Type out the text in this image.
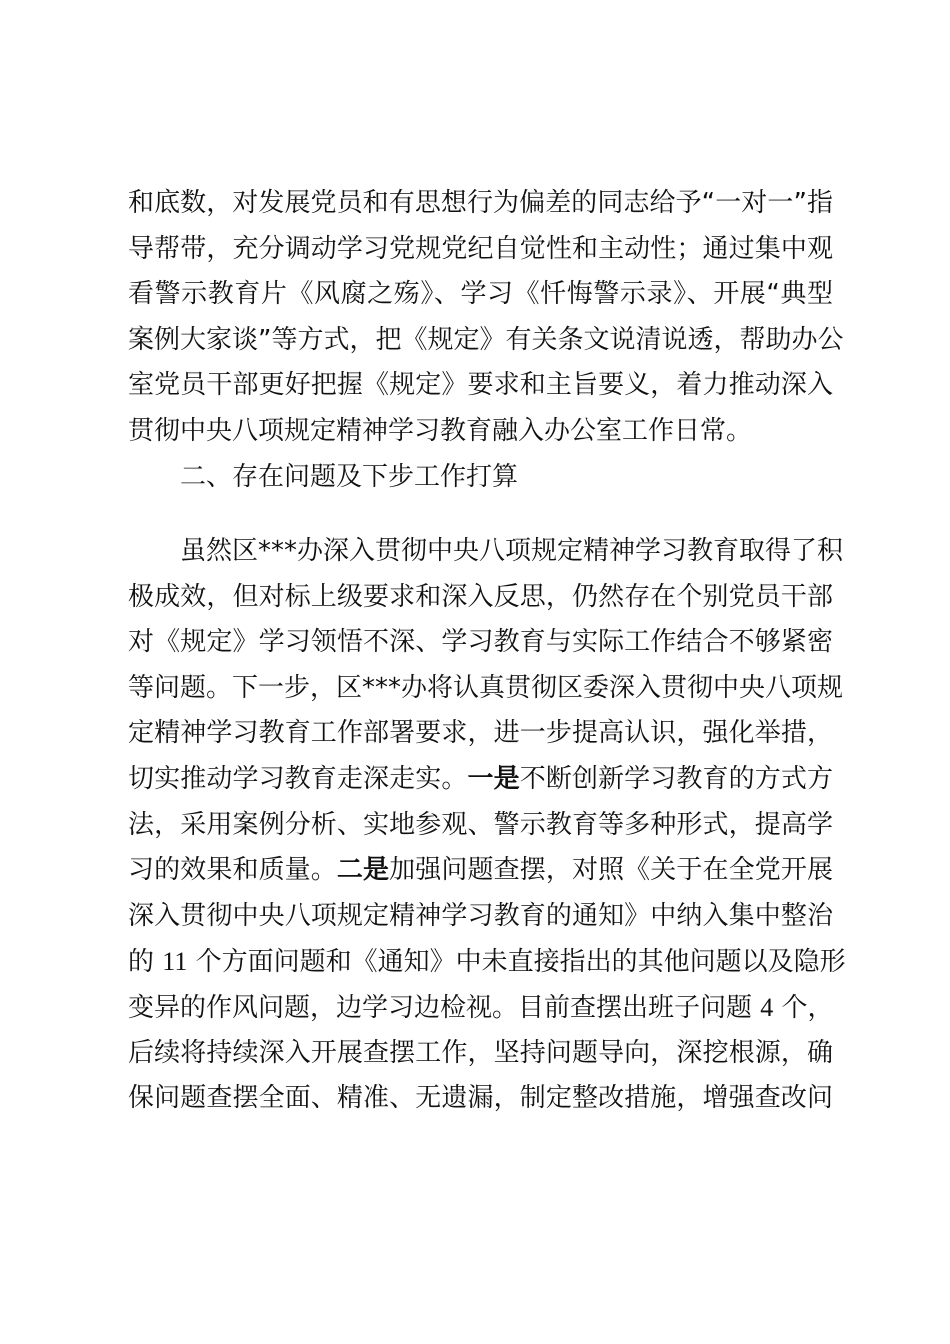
和底数，对发展党员和有思想行为偏差的同志给予“一对一”指
导帮带，充分调动学习党规党纪自觉性和主动性；通过集中观
看警示教育片《风腐之殇》、学习《忏悔警示录》、开展“典型
案例大家谈”等方式，把《规定》有关条文说清说透，帮助办公
室党员干部更好把握《规定》要求和主旨要义，着力推动深入
贯彻中央八项规定精神学习教育融入办公室工作日常。
二、存在问题及下步工作打算
虽然区***办深入贯彻中央八项规定精神学习教育取得了积
极成效，但对标上级要求和深入反思，仍然存在个别党员干部
对《规定》学习领悟不深、学习教育与实际工作结合不够紧密
等问题。下一步，区***办将认真贯彻区委深入贯彻中央八项规
定精神学习教育工作部署要求，进一步提高认识，强化举措，
切实推动学习教育走深走实。一是不断创新学习教育的方式方
法，采用案例分析、实地参观、警示教育等多种形式，提高学
习的效果和质量。二是加强问题查摆，对照《关于在全党开展
深入贯彻中央八项规定精神学习教育的通知》中纳入集中整治
的 11 个方面问题和《通知》中未直接指出的其他问题以及隐形
变异的作风问题，边学习边检视。目前查摆出班子问题 4 个，
后续将持续深入开展查摆工作，坚持问题导向，深挖根源，确
保问题查摆全面、精准、无遗漏，制定整改措施，增强查改问
